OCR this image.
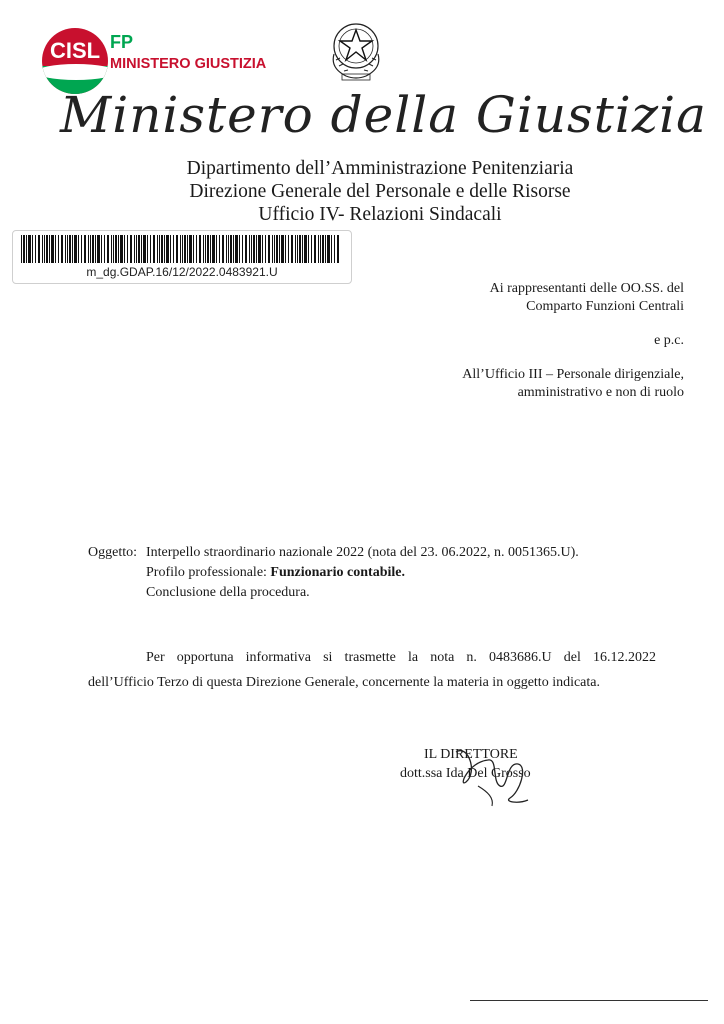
CISL FP
MINISTERO GIUSTIZIA
Ministero della Giustizia
Dipartimento dell’Amministrazione Penitenziaria
Direzione Generale del Personale e delle Risorse
Ufficio IV- Relazioni Sindacali
m_dg.GDAP.16/12/2022.0483921.U
Ai rappresentanti delle OO.SS. del
Comparto Funzioni Centrali
e p.c.
All’Ufficio III – Personale dirigenziale,
amministrativo e non di ruolo
Oggetto: Interpello straordinario nazionale 2022 (nota del 23. 06.2022, n. 0051365.U).
Profilo professionale: Funzionario contabile.
Conclusione della procedura.
Per opportuna informativa si trasmette la nota n. 0483686.U del 16.12.2022
dell’Ufficio Terzo di questa Direzione Generale, concernente la materia in oggetto indicata.
IL DIRETTORE
dott.ssa Ida Del Grosso
